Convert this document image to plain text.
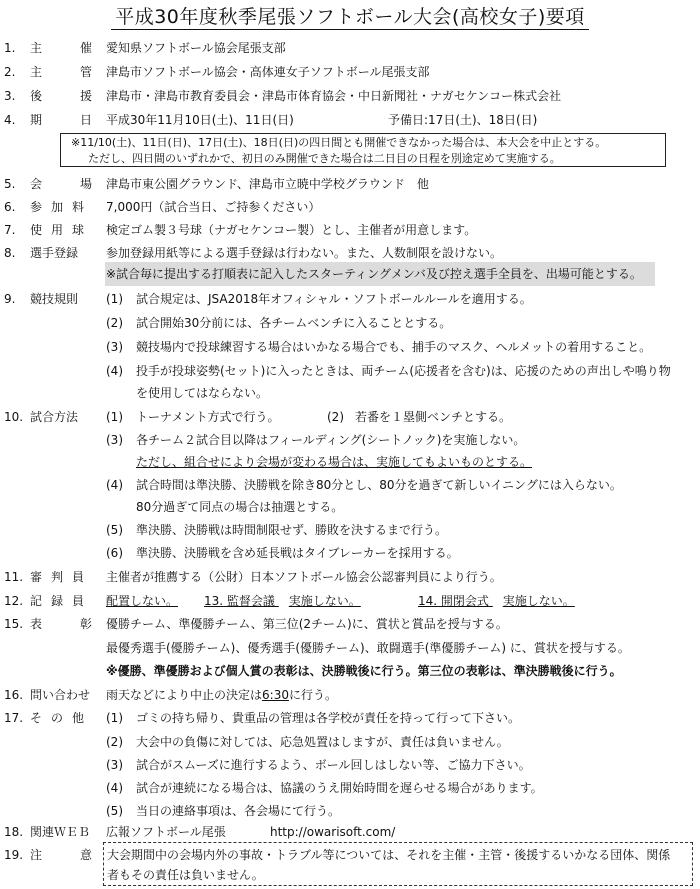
平成30年度秋季尾張ソフトボール大会(高校女子)要項
1. 主催
愛知県ソフトボール協会尾張支部
2. 主管
津島市ソフトボール協会・高体連女子ソフトボール尾張支部
3. 後援
津島市・津島市教育委員会・津島市体育協会・中日新聞社・ナガセケンコー株式会社
4. 期日
平成30年11月10日(土)、11日(日)	予備日:17日(土)、18日(日)
※11/10(土)、11日(日)、17日(土)、18日(日)の四日間とも開催できなかった場合は、本大会を中止とする。
ただし、四日間のいずれかで、初日のみ開催できた場合は二日目の日程を別途定めて実施する。
5. 会場
津島市東公園グラウンド、津島市立暁中学校グラウンド　他
6. 参加料 7,000円（試合当日、ご持参ください）
7. 使用球 検定ゴム製３号球（ナガセケンコー製）とし、主催者が用意します。
8. 選手登録 参加登録用紙等による選手登録は行わない。また、人数制限を設けない。
※試合毎に提出する打順表に記入したスターティングメンバ及び控え選手全員を、出場可能とする。
9. 競技規則 (1) 試合規定は、JSA2018年オフィシャル・ソフトボールルールを適用する。
(2) 試合開始30分前には、各チームベンチに入ることとする。
(3) 競技場内で投球練習する場合はいかなる場合でも、捕手のマスク、ヘルメットの着用すること。
(4) 投手が投球姿勢(セット)に入ったときは、両チーム(応援者を含む)は、応援のための声出しや鳴り物
を使用してはならない。
10. 試合方法 (1) トーナメント方式で行う。	(2) 若番を１塁側ベンチとする。
(3) 各チーム２試合目以降はフィールディング(シートノック)を実施しない。
ただし、組合せにより会場が変わる場合は、実施してもよいものとする。
(4) 試合時間は準決勝、決勝戦を除き80分とし、80分を過ぎて新しいイニングには入らない。
80分過ぎて同点の場合は抽選とする。
(5) 準決勝、決勝戦は時間制限せず、勝敗を決するまで行う。
(6) 準決勝、決勝戦を含め延長戦はタイブレーカーを採用する。
11. 審判員 主催者が推薦する（公財）日本ソフトボール協会公認審判員により行う。
12. 記録員 配置しない。 13. 監督会議 実施しない。	14. 開閉会式 実施しない。
15. 表彰
優勝チーム、準優勝チーム、第三位(2チーム)に、賞状と賞品を授与する。
最優秀選手(優勝チーム)、優秀選手(優勝チーム)、敢闘選手(準優勝チーム) に、賞状を授与する。
※優勝、準優勝および個人賞の表彰は、決勝戦後に行う。第三位の表彰は、準決勝戦後に行う。
16. 問い合わせ 雨天などにより中止の決定は6:30に行う。
17. その他 (1) ゴミの持ち帰り、貴重品の管理は各学校が責任を持って行って下さい。
(2) 大会中の負傷に対しては、応急処置はしますが、責任は負いません。
(3) 試合がスムーズに進行するよう、ボール回しはしない等、ご協力下さい。
(4) 試合が連続になる場合は、協議のうえ開始時間を遅らせる場合があります。
(5) 当日の連絡事項は、各会場にて行う。
18. 関連ＷＥＢ 広報ソフトボール尾張	http://owarisoft.com/
19. 注意
大会期間中の会場内外の事故・トラブル等については、それを主催・主管・後援するいかなる団体、関係
者もその責任は負いません。
